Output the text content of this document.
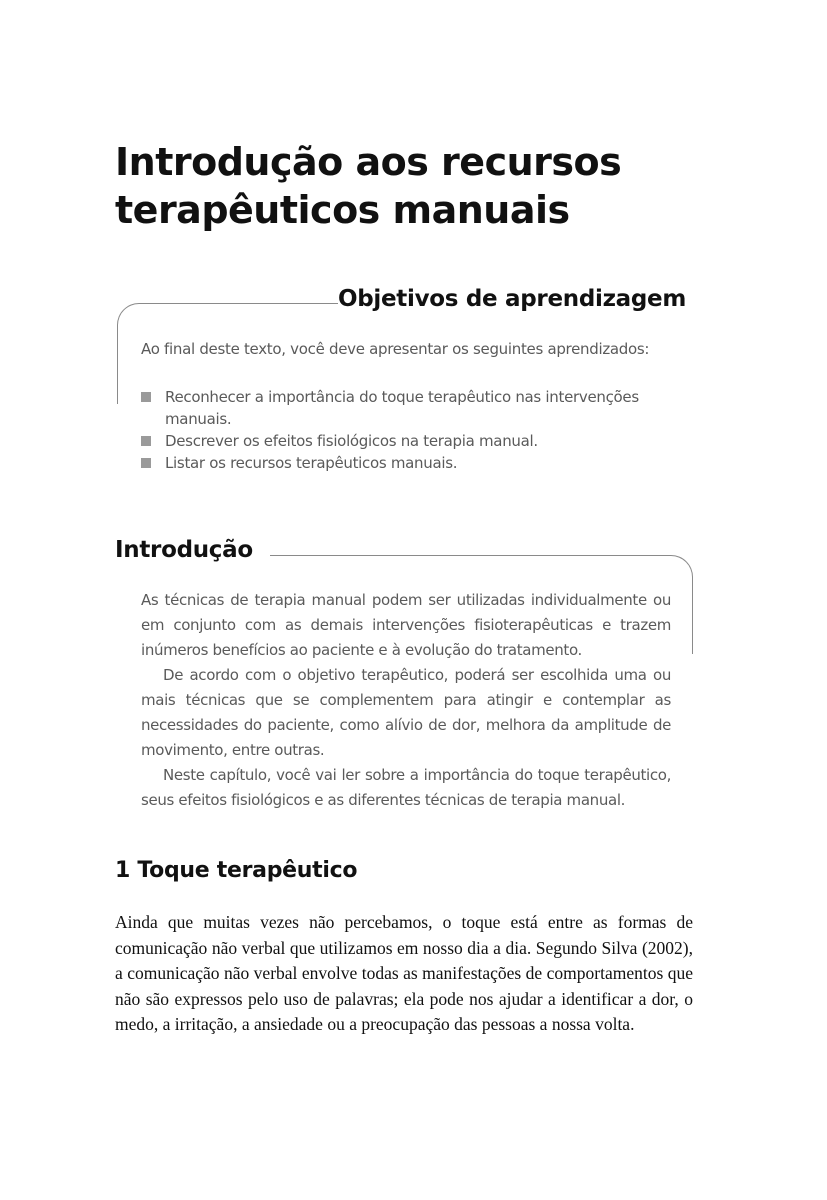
Introdução aos recursos terapêuticos manuais
Objetivos de aprendizagem
Ao final deste texto, você deve apresentar os seguintes aprendizados:
Reconhecer a importância do toque terapêutico nas intervenções manuais.
Descrever os efeitos fisiológicos na terapia manual.
Listar os recursos terapêuticos manuais.
Introdução

As técnicas de terapia manual podem ser utilizadas individualmente ou em conjunto com as demais intervenções fisioterapêuticas e trazem inúmeros benefícios ao paciente e à evolução do tratamento.

De acordo com o objetivo terapêutico, poderá ser escolhida uma ou mais técnicas que se complementem para atingir e contemplar as necessidades do paciente, como alívio de dor, melhora da amplitude de movimento, entre outras.

Neste capítulo, você vai ler sobre a importância do toque terapêutico, seus efeitos fisiológicos e as diferentes técnicas de terapia manual.

1 Toque terapêutico

Ainda que muitas vezes não percebamos, o toque está entre as formas de comunicação não verbal que utilizamos em nosso dia a dia. Segundo Silva (2002), a comunicação não verbal envolve todas as manifestações de comportamentos que não são expressos pelo uso de palavras; ela pode nos ajudar a identificar a dor, o medo, a irritação, a ansiedade ou a preocupação das pessoas a nossa volta.
